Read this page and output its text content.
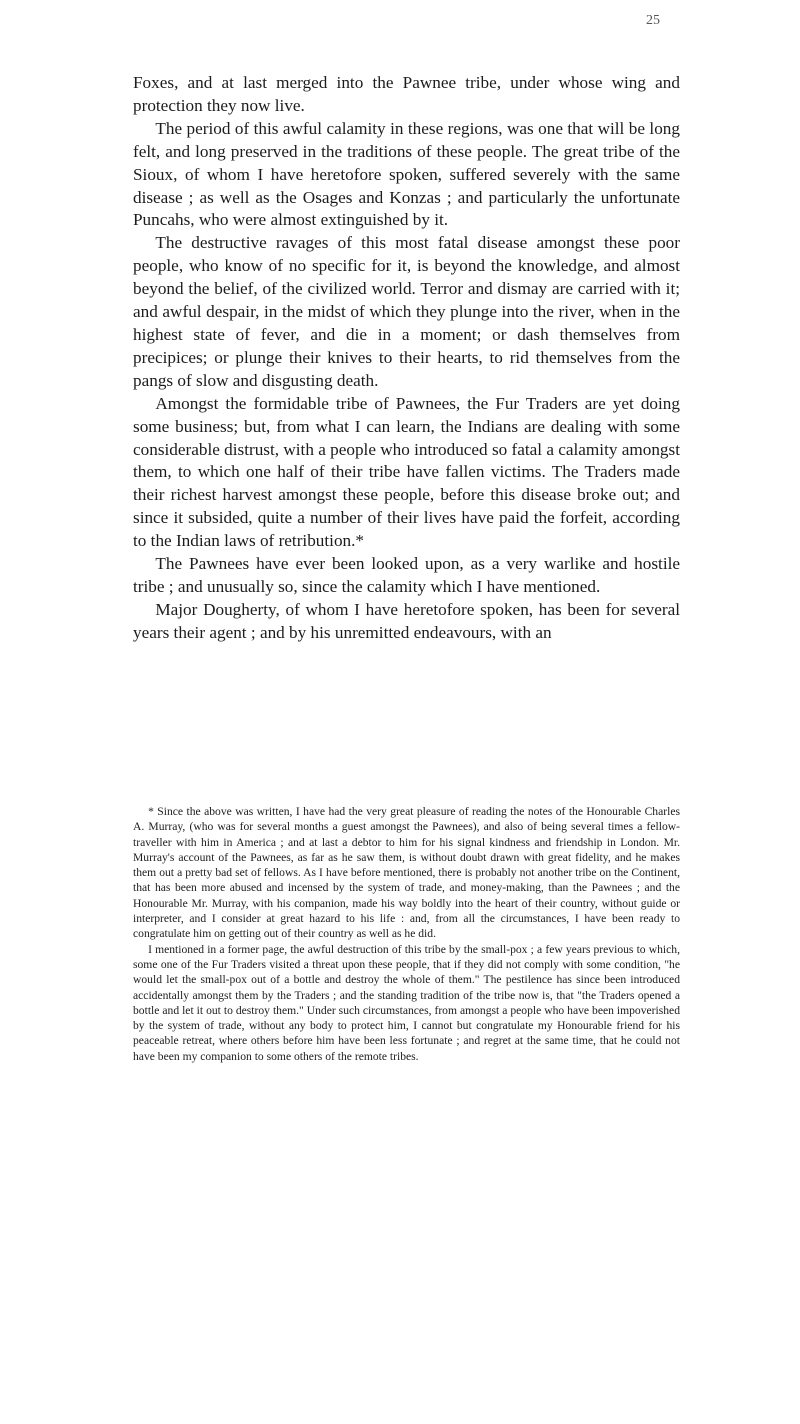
25

Foxes, and at last merged into the Pawnee tribe, under whose wing and protection they now live.

The period of this awful calamity in these regions, was one that will be long felt, and long preserved in the traditions of these people. The great tribe of the Sioux, of whom I have heretofore spoken, suffered severely with the same disease ; as well as the Osages and Konzas ; and particularly the unfortunate Puncahs, who were almost extinguished by it.

The destructive ravages of this most fatal disease amongst these poor people, who know of no specific for it, is beyond the knowledge, and almost beyond the belief, of the civilized world. Terror and dismay are carried with it; and awful despair, in the midst of which they plunge into the river, when in the highest state of fever, and die in a moment; or dash themselves from precipices; or plunge their knives to their hearts, to rid themselves from the pangs of slow and disgusting death.

Amongst the formidable tribe of Pawnees, the Fur Traders are yet doing some business; but, from what I can learn, the Indians are dealing with some considerable distrust, with a people who introduced so fatal a calamity amongst them, to which one half of their tribe have fallen victims. The Traders made their richest harvest amongst these people, before this disease broke out; and since it subsided, quite a number of their lives have paid the forfeit, according to the Indian laws of retribution.*

The Pawnees have ever been looked upon, as a very warlike and hostile tribe ; and unusually so, since the calamity which I have mentioned.

Major Dougherty, of whom I have heretofore spoken, has been for several years their agent ; and by his unremitted endeavours, with an

* Since the above was written, I have had the very great pleasure of reading the notes of the Honourable Charles A. Murray, (who was for several months a guest amongst the Pawnees), and also of being several times a fellow-traveller with him in America ; and at last a debtor to him for his signal kindness and friendship in London. Mr. Murray's account of the Pawnees, as far as he saw them, is without doubt drawn with great fidelity, and he makes them out a pretty bad set of fellows. As I have before mentioned, there is probably not another tribe on the Continent, that has been more abused and incensed by the system of trade, and money-making, than the Pawnees ; and the Honourable Mr. Murray, with his companion, made his way boldly into the heart of their country, without guide or interpreter, and I consider at great hazard to his life : and, from all the circumstances, I have been ready to congratulate him on getting out of their country as well as he did.

I mentioned in a former page, the awful destruction of this tribe by the small-pox ; a few years previous to which, some one of the Fur Traders visited a threat upon these people, that if they did not comply with some condition, "he would let the small-pox out of a bottle and destroy the whole of them." The pestilence has since been introduced accidentally amongst them by the Traders ; and the standing tradition of the tribe now is, that "the Traders opened a bottle and let it out to destroy them." Under such circumstances, from amongst a people who have been impoverished by the system of trade, without any body to protect him, I cannot but congratulate my Honourable friend for his peaceable retreat, where others before him have been less fortunate ; and regret at the same time, that he could not have been my companion to some others of the remote tribes.
